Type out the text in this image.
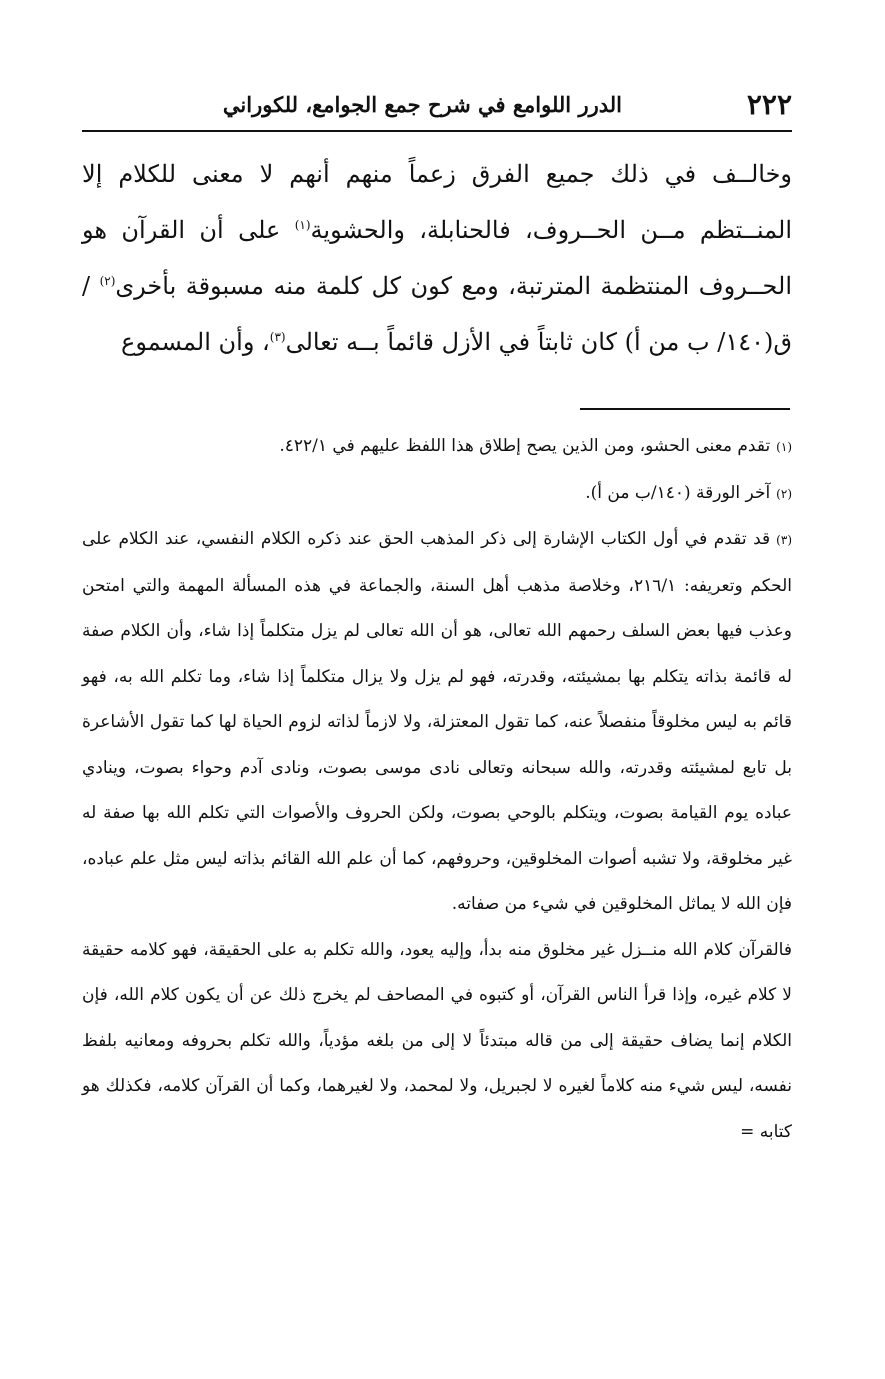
٢٢٢
الدرر اللوامع في شرح جمع الجوامع، للكوراني

وخالــف في ذلك جميع الفرق زعماً منهم أنهم لا معنى للكلام إلا المنــتظم مــن الحــروف، فالحنابلة، والحشوية$^{(١)}$ على أن القرآن هو الحــروف المنتظمة المترتبة، ومع كون كل كلمة منه مسبوقة بأخرى$^{(٢)}$ / ق(١٤٠/ ب من أ) كان ثابتاً في الأزل قائماً بــه تعالى$^{(٣)}$، وأن المسموع

(١)تقدم معنى الحشو، ومن الذين يصح إطلاق هذا اللفظ عليهم في ٤٢٢/١.

(٢)آخر الورقة (١٤٠/ب من أ).

(٣)قد تقدم في أول الكتاب الإشارة إلى ذكر المذهب الحق عند ذكره الكلام النفسي، عند الكلام على الحكم وتعريفه: ٢١٦/١، وخلاصة مذهب أهل السنة، والجماعة في هذه المسألة المهمة والتي امتحن وعذب فيها بعض السلف رحمهم الله تعالى، هو أن الله تعالى لم يزل متكلماً إذا شاء، وأن الكلام صفة له قائمة بذاته يتكلم بها بمشيئته، وقدرته، فهو لم يزل ولا يزال متكلماً إذا شاء، وما تكلم الله به، فهو قائم به ليس مخلوقاً منفصلاً عنه، كما تقول المعتزلة، ولا لازماً لذاته لزوم الحياة لها كما تقول الأشاعرة بل تابع لمشيئته وقدرته، والله سبحانه وتعالى نادى موسى بصوت، ونادى آدم وحواء بصوت، وينادي عباده يوم القيامة بصوت، ويتكلم بالوحي بصوت، ولكن الحروف والأصوات التي تكلم الله بها صفة له غير مخلوقة، ولا تشبه أصوات المخلوقين، وحروفهم، كما أن علم الله القائم بذاته ليس مثل علم عباده، فإن الله لا يماثل المخلوقين في شيء من صفاته.

فالقرآن كلام الله منــزل غير مخلوق منه بدأ، وإليه يعود، والله تكلم به على الحقيقة، فهو كلامه حقيقة لا كلام غيره، وإذا قرأ الناس القرآن، أو كتبوه في المصاحف لم يخرج ذلك عن أن يكون كلام الله، فإن الكلام إنما يضاف حقيقة إلى من قاله مبتدئاً لا إلى من بلغه مؤدياً، والله تكلم بحروفه ومعانيه بلفظ نفسه، ليس شيء منه كلاماً لغيره لا لجبريل، ولا لمحمد، ولا لغيرهما، وكما أن القرآن كلامه، فكذلك هو كتابه =
